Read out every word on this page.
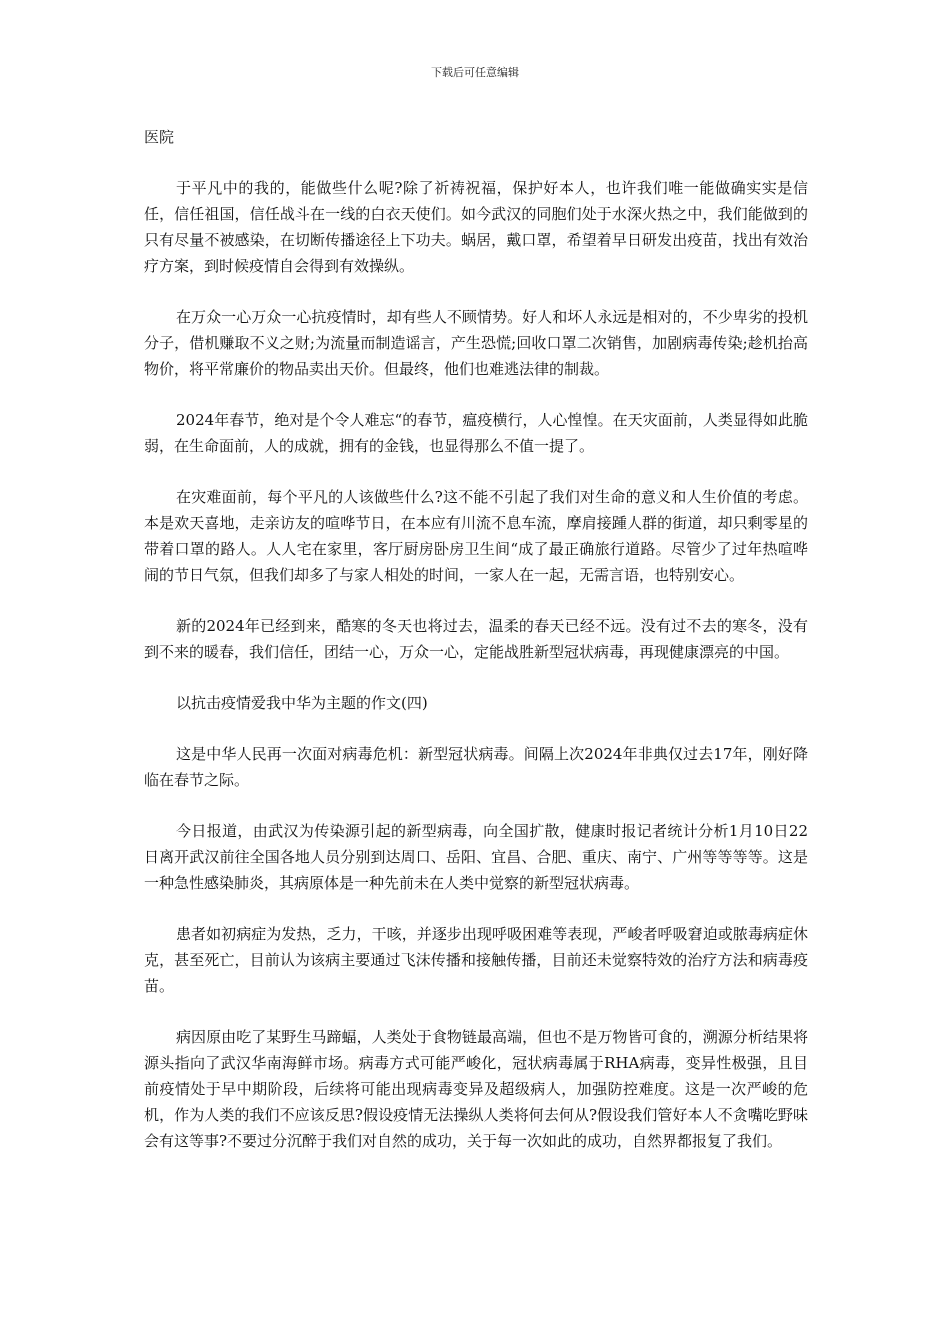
下载后可任意编辑

医院

于平凡中的我的，能做些什么呢?除了祈祷祝福，保护好本人，也许我们唯一能做确实实是信任，信任祖国，信任战斗在一线的白衣天使们。如今武汉的同胞们处于水深火热之中，我们能做到的只有尽量不被感染，在切断传播途径上下功夫。蜗居，戴口罩，希望着早日研发出疫苗，找出有效治疗方案，到时候疫情自会得到有效操纵。

在万众一心万众一心抗疫情时，却有些人不顾情势。好人和坏人永远是相对的，不少卑劣的投机分子，借机赚取不义之财;为流量而制造谣言，产生恐慌;回收口罩二次销售，加剧病毒传染;趁机抬高物价，将平常廉价的物品卖出天价。但最终，他们也难逃法律的制裁。

2024年春节，绝对是个令人难忘“的春节，瘟疫横行，人心惶惶。在天灾面前，人类显得如此脆弱，在生命面前，人的成就，拥有的金钱，也显得那么不值一提了。

在灾难面前，每个平凡的人该做些什么?这不能不引起了我们对生命的意义和人生价值的考虑。本是欢天喜地，走亲访友的喧哗节日，在本应有川流不息车流，摩肩接踵人群的街道，却只剩零星的带着口罩的路人。人人宅在家里，客厅厨房卧房卫生间“成了最正确旅行道路。尽管少了过年热喧哗闹的节日气氛，但我们却多了与家人相处的时间，一家人在一起，无需言语，也特别安心。

新的2024年已经到来，酷寒的冬天也将过去，温柔的春天已经不远。没有过不去的寒冬，没有到不来的暖春，我们信任，团结一心，万众一心，定能战胜新型冠状病毒，再现健康漂亮的中国。

以抗击疫情爱我中华为主题的作文(四)

这是中华人民再一次面对病毒危机：新型冠状病毒。间隔上次2024年非典仅过去17年，刚好降临在春节之际。

今日报道，由武汉为传染源引起的新型病毒，向全国扩散，健康时报记者统计分析1月10日22日离开武汉前往全国各地人员分别到达周口、岳阳、宜昌、合肥、重庆、南宁、广州等等等等。这是一种急性感染肺炎，其病原体是一种先前未在人类中觉察的新型冠状病毒。

患者如初病症为发热，乏力，干咳，并逐步出现呼吸困难等表现，严峻者呼吸窘迫或脓毒病症休克，甚至死亡，目前认为该病主要通过飞沫传播和接触传播，目前还未觉察特效的治疗方法和病毒疫苗。

病因原由吃了某野生马蹄蝠，人类处于食物链最高端，但也不是万物皆可食的，溯源分析结果将源头指向了武汉华南海鲜市场。病毒方式可能严峻化，冠状病毒属于RHA病毒，变异性极强，且目前疫情处于早中期阶段，后续将可能出现病毒变异及超级病人，加强防控难度。这是一次严峻的危机，作为人类的我们不应该反思?假设疫情无法操纵人类将何去何从?假设我们管好本人不贪嘴吃野味会有这等事?不要过分沉醉于我们对自然的成功，关于每一次如此的成功，自然界都报复了我们。
